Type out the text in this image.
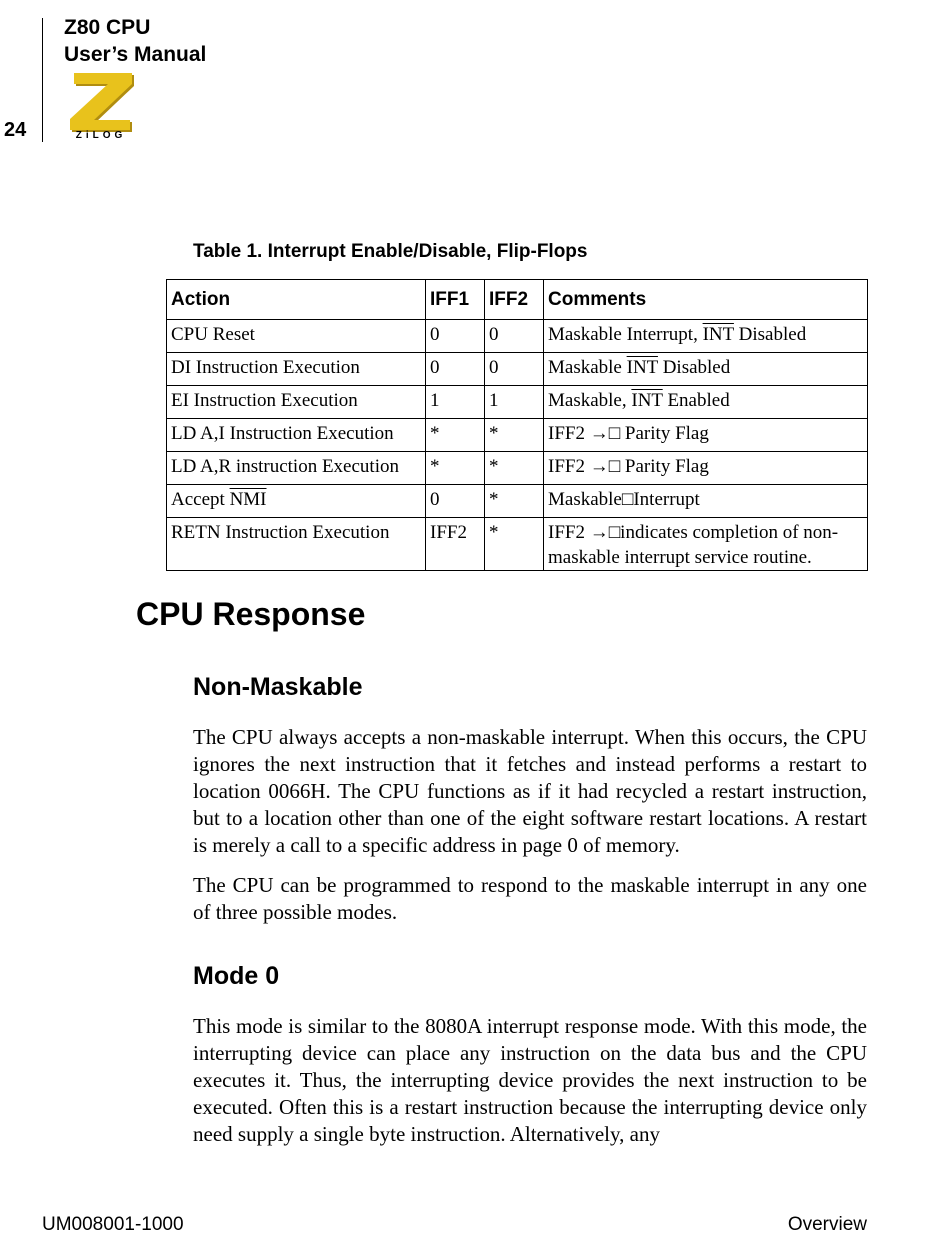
Z80 CPU
User’s Manual
24	ZiLOG
Table 1. Interrupt Enable/Disable, Flip-Flops
Action	IFF1	IFF2	Comments
CPU Reset	0	0	Maskable Interrupt, $\overline{INT}$ Disabled
DI Instruction Execution	0	0	Maskable $\overline{INT}$ Disabled
EI Instruction Execution	1	1	Maskable, $\overline{INT}$ Enabled
LD A,I Instruction Execution	*	*	IFF2 →□ Parity Flag
LD A,R instruction Execution	*	*	IFF2 →□ Parity Flag
Accept $\overline{NMI}$	0	*	Maskable□Interrupt
RETN Instruction Execution	IFF2	*	IFF2 →□indicates completion of non-maskable interrupt service routine.
CPU Response
Non-Maskable

The CPU always accepts a non-maskable interrupt. When this occurs, the CPU ignores the next instruction that it fetches and instead performs a restart to location 0066H. The CPU functions as if it had recycled a restart instruction, but to a location other than one of the eight software restart locations. A restart is merely a call to a specific address in page 0 of memory.

The CPU can be programmed to respond to the maskable interrupt in any one of three possible modes.

Mode 0

This mode is similar to the 8080A interrupt response mode. With this mode, the interrupting device can place any instruction on the data bus and the CPU executes it. Thus, the interrupting device provides the next instruction to be executed. Often this is a restart instruction because the interrupting device only need supply a single byte instruction. Alternatively, any

UM008001-1000	Overview
